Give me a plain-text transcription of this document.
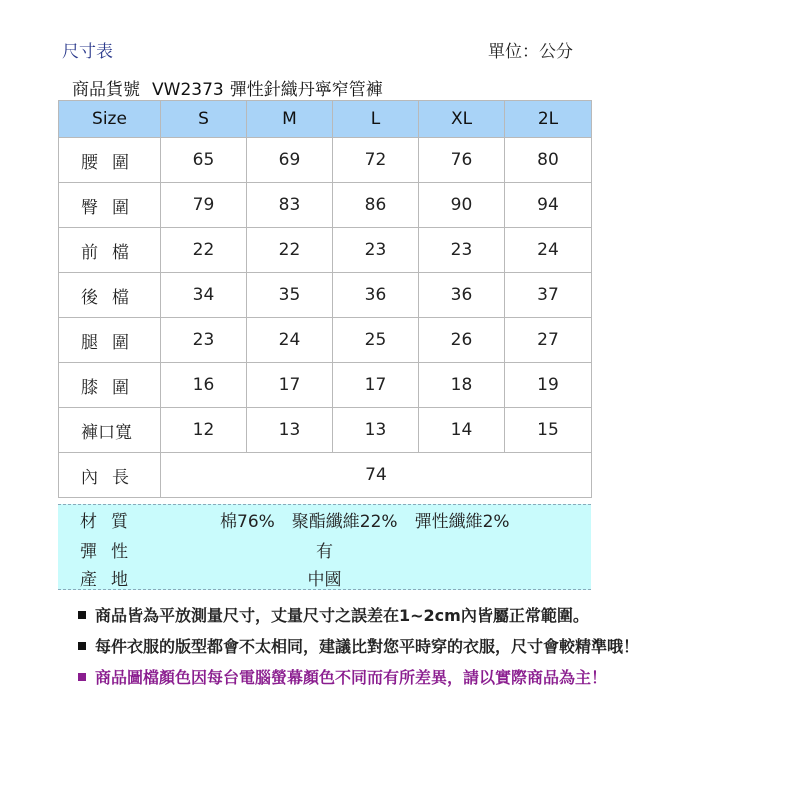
尺寸表	單位：公分
商品貨號 VW2373 彈性針織丹寧窄管褲
Size	S	M	L	XL	2L
腰圍	65	69	72	76	80
臀圍	79	83	86	90	94
前檔	22	22	23	23	24
後檔	34	35	36	36	37
腿圍	23	24	25	26	27
膝圍	16	17	17	18	19
褲口寬	12	13	13	14	15
內長	74				
材質	棉76%　聚酯纖維22%　彈性纖維2%
彈性	有
產地	中國
商品皆為平放測量尺寸，丈量尺寸之誤差在1~2cm內皆屬正常範圍。
每件衣服的版型都會不太相同，建議比對您平時穿的衣服，尺寸會較精準哦！
商品圖檔顏色因每台電腦螢幕顏色不同而有所差異，請以實際商品為主！
